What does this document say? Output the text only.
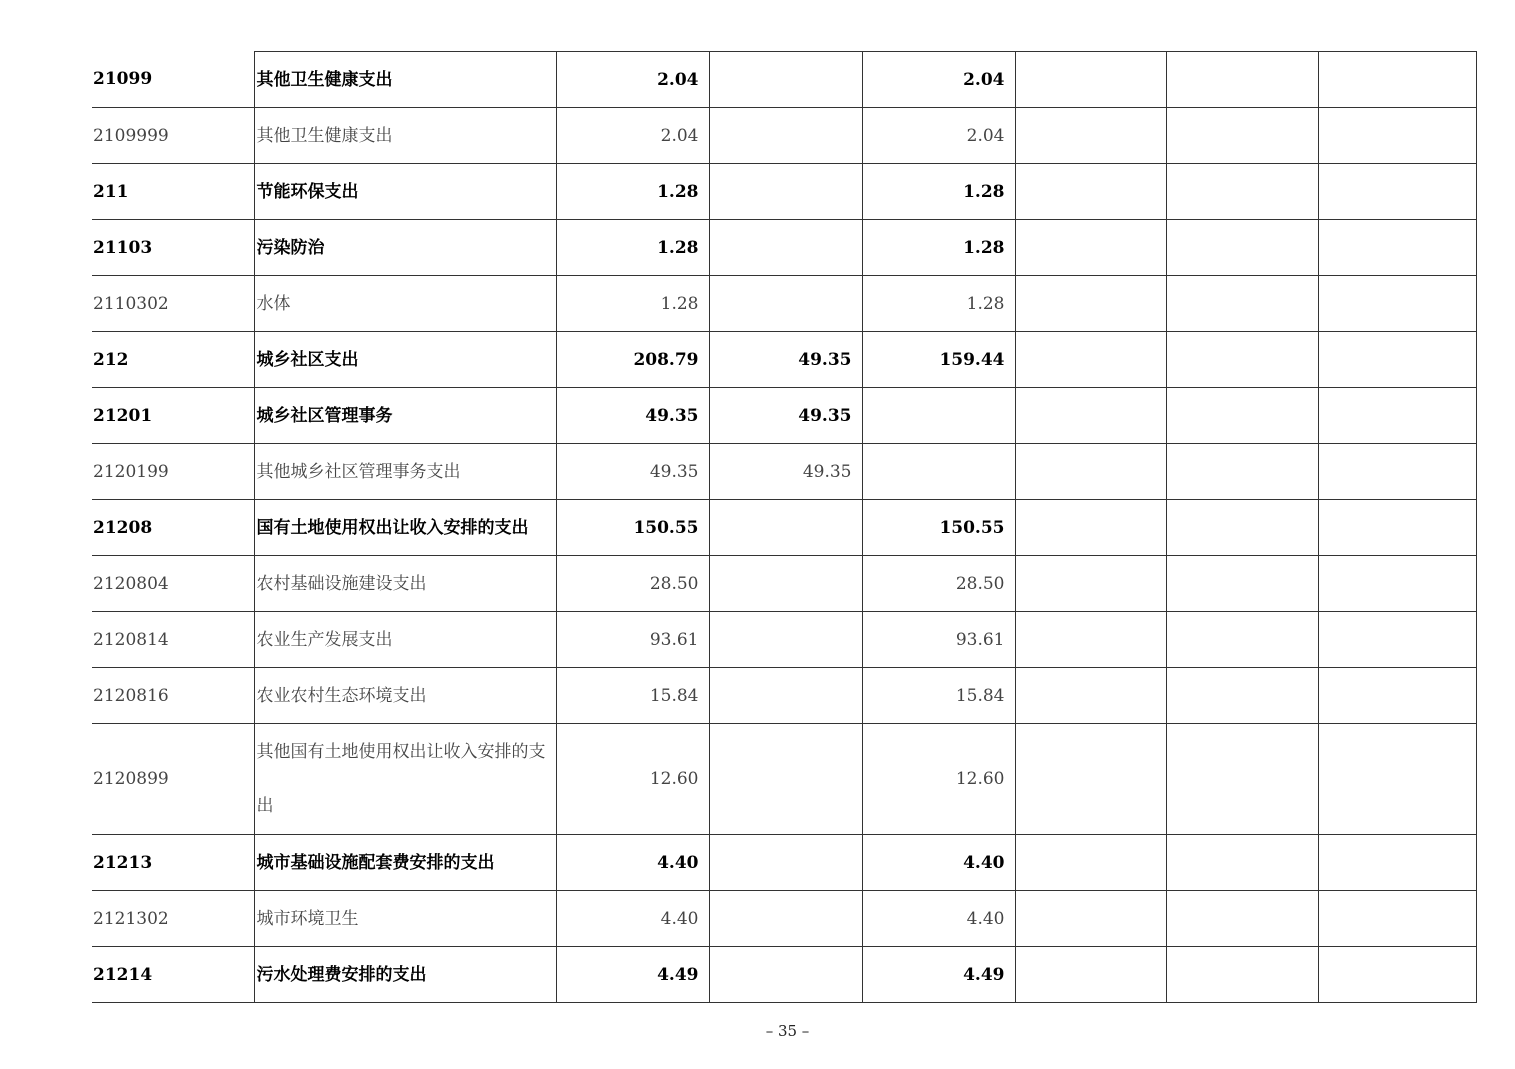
21099	其他卫生健康支出	2.04		2.04			
2109999	其他卫生健康支出	2.04		2.04			
211	节能环保支出	1.28		1.28			
21103	污染防治	1.28		1.28			
2110302	水体	1.28		1.28			
212	城乡社区支出	208.79	49.35	159.44			
21201	城乡社区管理事务	49.35	49.35				
2120199	其他城乡社区管理事务支出	49.35	49.35				
21208	国有土地使用权出让收入安排的支出	150.55		150.55			
2120804	农村基础设施建设支出	28.50		28.50			
2120814	农业生产发展支出	93.61		93.61			
2120816	农业农村生态环境支出	15.84		15.84			
2120899	其他国有土地使用权出让收入安排的支出	12.60		12.60			
21213	城市基础设施配套费安排的支出	4.40		4.40			
2121302	城市环境卫生	4.40		4.40			
21214	污水处理费安排的支出	4.49		4.49			
– 35 –
